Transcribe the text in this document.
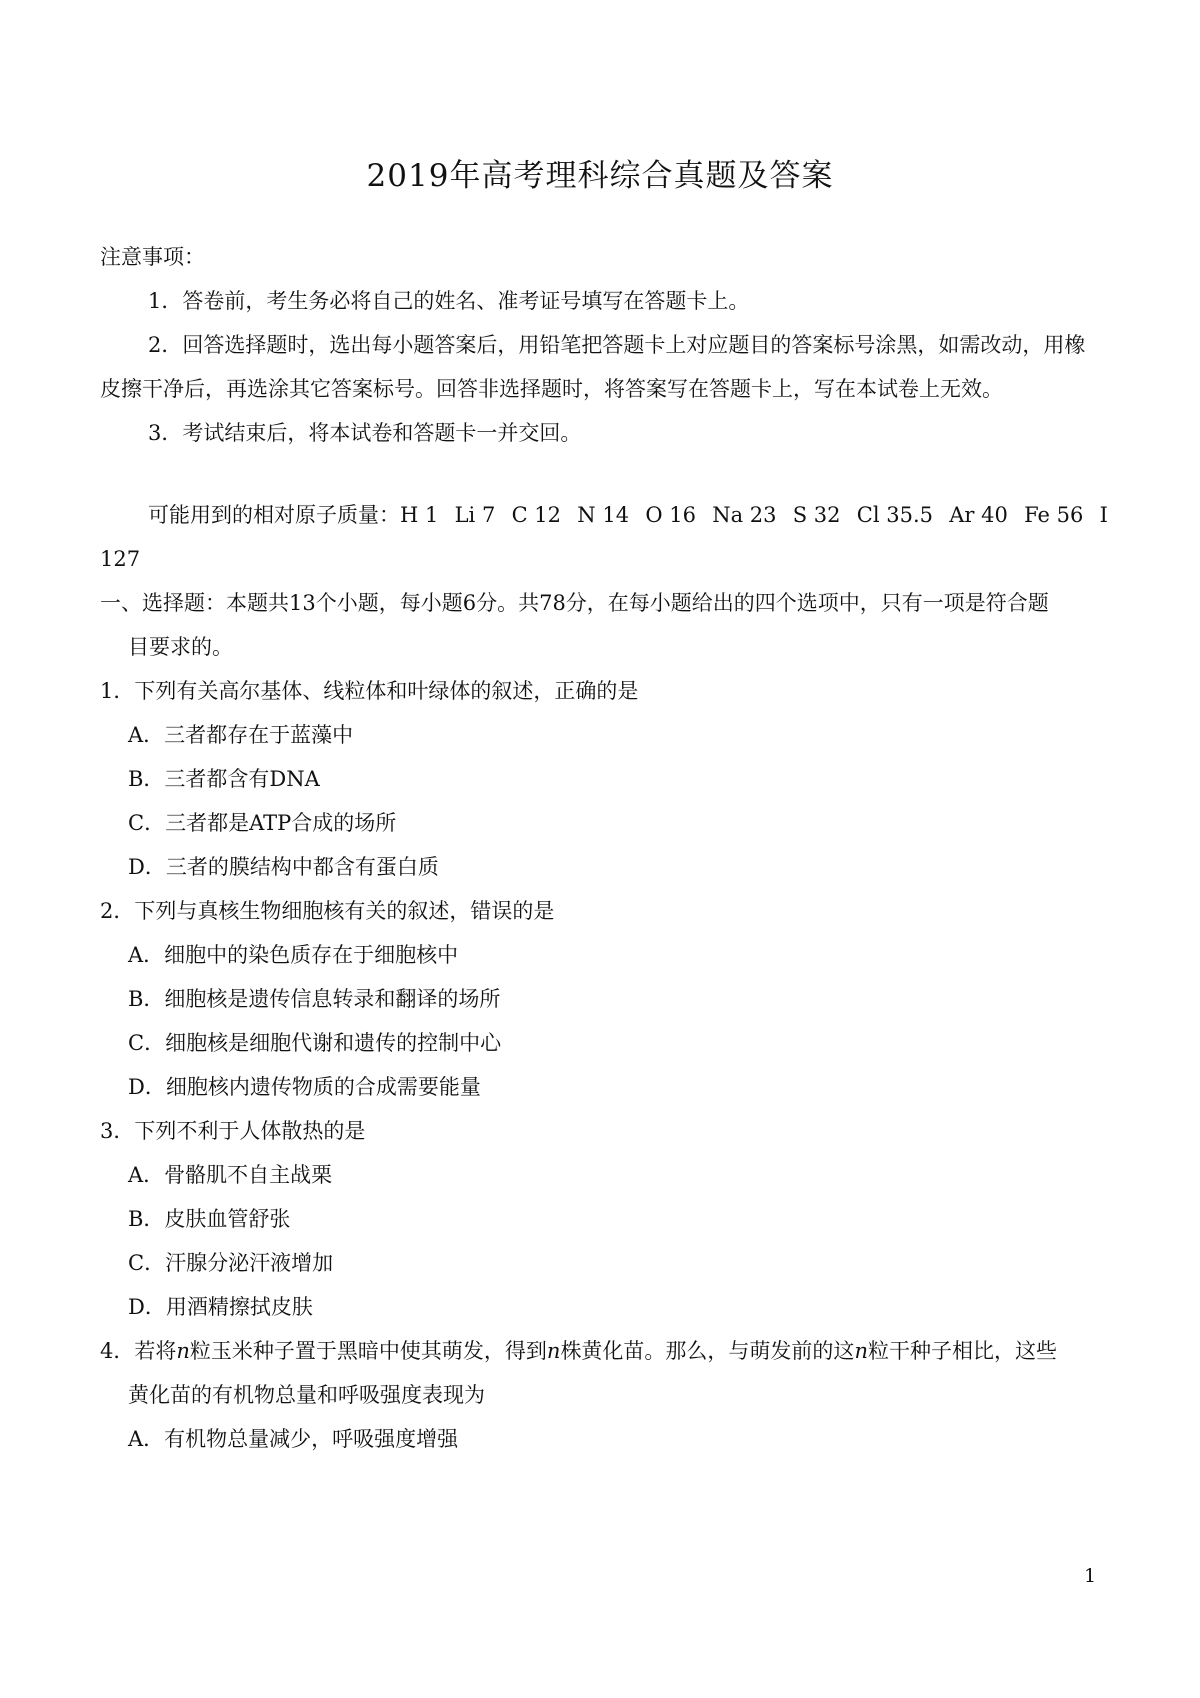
2019年高考理科综合真题及答案
注意事项：
1．答卷前，考生务必将自己的姓名、准考证号填写在答题卡上。
2．回答选择题时，选出每小题答案后，用铅笔把答题卡上对应题目的答案标号涂黑，如需改动，用橡
皮擦干净后，再选涂其它答案标号。回答非选择题时，将答案写在答题卡上，写在本试卷上无效。
3．考试结束后，将本试卷和答题卡一并交回。
可能用到的相对原子质量：H 1 Li 7 C 12 N 14 O 16 Na 23 S 32 Cl 35.5 Ar 40 Fe 56 I
127
一、选择题：本题共13个小题，每小题6分。共78分，在每小题给出的四个选项中，只有一项是符合题
目要求的。
1．下列有关高尔基体、线粒体和叶绿体的叙述，正确的是
A．三者都存在于蓝藻中
B．三者都含有DNA
C．三者都是ATP合成的场所
D．三者的膜结构中都含有蛋白质
2．下列与真核生物细胞核有关的叙述，错误的是
A．细胞中的染色质存在于细胞核中
B．细胞核是遗传信息转录和翻译的场所
C．细胞核是细胞代谢和遗传的控制中心
D．细胞核内遗传物质的合成需要能量
3．下列不利于人体散热的是
A．骨骼肌不自主战栗
B．皮肤血管舒张
C．汗腺分泌汗液增加
D．用酒精擦拭皮肤
4．若将n粒玉米种子置于黑暗中使其萌发，得到n株黄化苗。那么，与萌发前的这n粒干种子相比，这些
黄化苗的有机物总量和呼吸强度表现为
A．有机物总量减少，呼吸强度增强
1
